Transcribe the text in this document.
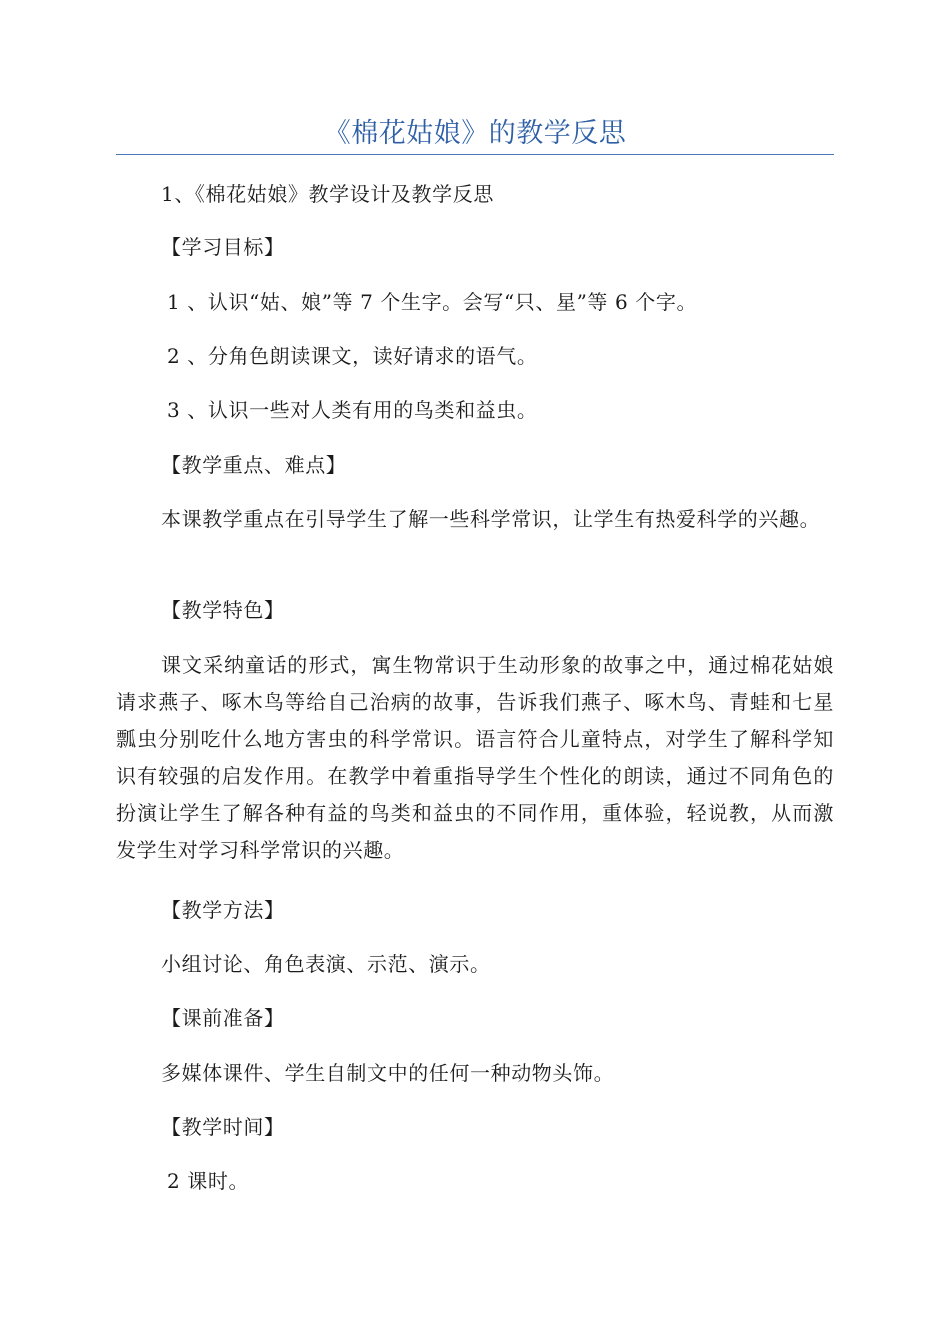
《棉花姑娘》的教学反思

1、《棉花姑娘》教学设计及教学反思

【学习目标】

1 、认识“姑、娘”等 7 个生字。会写“只、星”等 6 个字。

2 、分角色朗读课文，读好请求的语气。

3 、认识一些对人类有用的鸟类和益虫。

【教学重点、难点】

本课教学重点在引导学生了解一些科学常识，让学生有热爱科学的兴趣。

【教学特色】

课文采纳童话的形式，寓生物常识于生动形象的故事之中，通过棉花姑娘请求燕子、啄木鸟等给自己治病的故事，告诉我们燕子、啄木鸟、青蛙和七星瓢虫分别吃什么地方害虫的科学常识。语言符合儿童特点，对学生了解科学知识有较强的启发作用。在教学中着重指导学生个性化的朗读，通过不同角色的扮演让学生了解各种有益的鸟类和益虫的不同作用，重体验，轻说教，从而激发学生对学习科学常识的兴趣。

【教学方法】

小组讨论、角色表演、示范、演示。

【课前准备】

多媒体课件、学生自制文中的任何一种动物头饰。

【教学时间】

2 课时。
